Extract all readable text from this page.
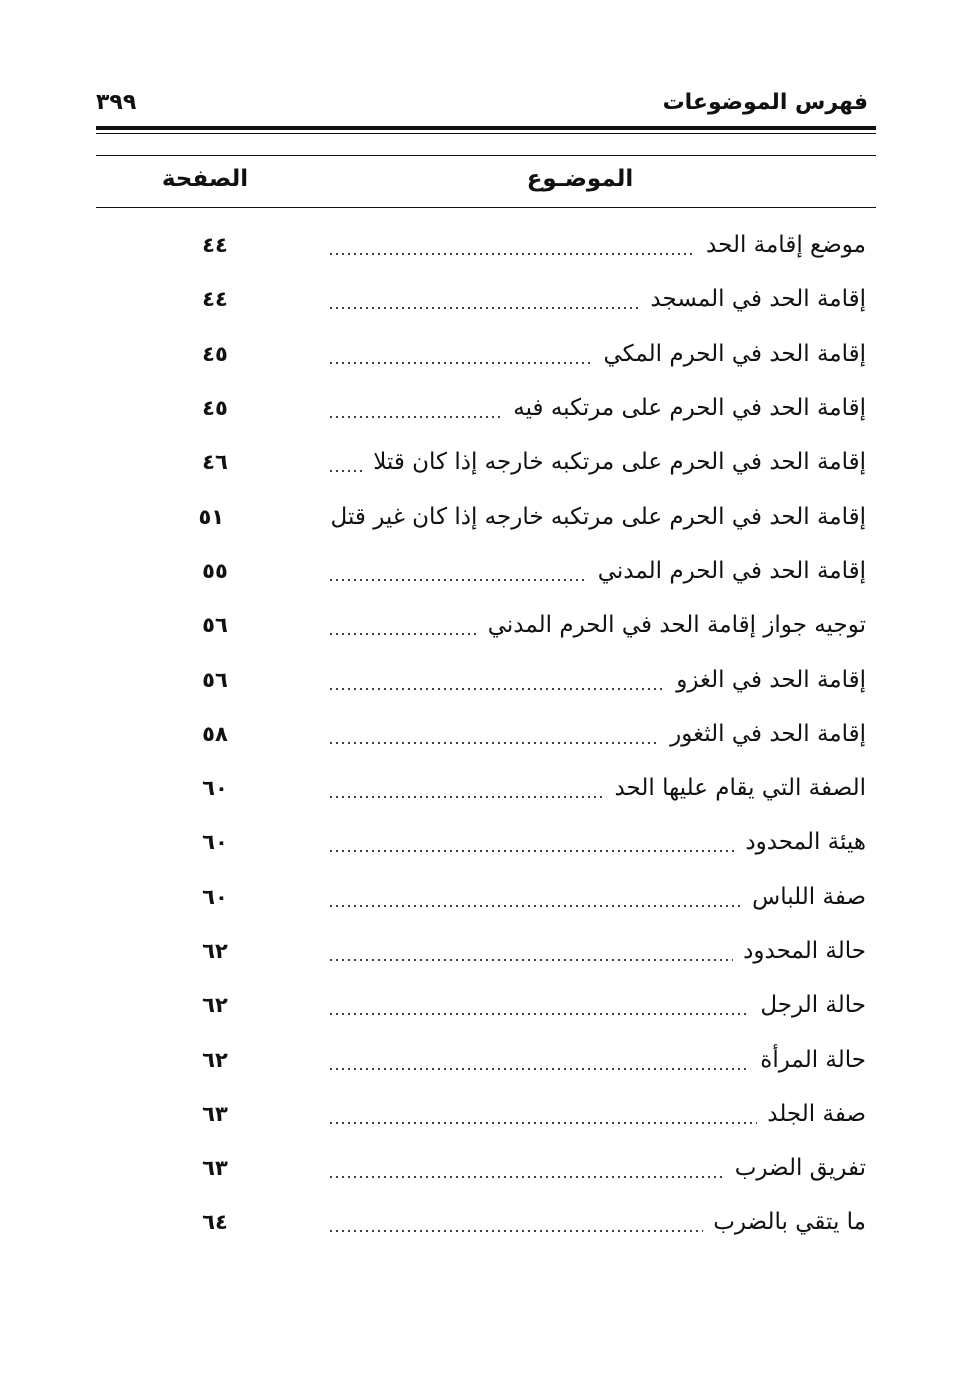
فهرس الموضوعات
٣٩٩
الموضـوع
الصفحة
موضع إقامة الحد
٤٤
إقامة الحد في المسجد
٤٤
إقامة الحد في الحرم المكي
٤٥
إقامة الحد في الحرم على مرتكبه فيه
٤٥
إقامة الحد في الحرم على مرتكبه خارجه إذا كان قتلا
٤٦
إقامة الحد في الحرم على مرتكبه خارجه إذا كان غير قتل
٥١
إقامة الحد في الحرم المدني
٥٥
توجيه جواز إقامة الحد في الحرم المدني
٥٦
إقامة الحد في الغزو
٥٦
إقامة الحد في الثغور
٥٨
الصفة التي يقام عليها الحد
٦٠
هيئة المحدود
٦٠
صفة اللباس
٦٠
حالة المحدود
٦٢
حالة الرجل
٦٢
حالة المرأة
٦٢
صفة الجلد
٦٣
تفريق الضرب
٦٣
ما يتقي بالضرب
٦٤
